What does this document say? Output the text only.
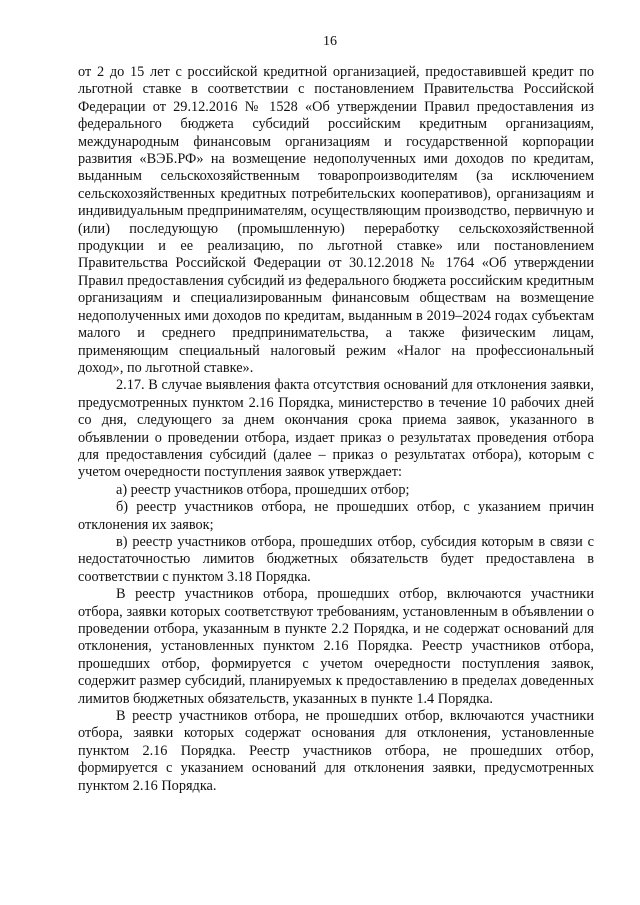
16

от 2 до 15 лет с российской кредитной организацией, предоставившей кредит по льготной ставке в соответствии с постановлением Правительства Российской Федерации от 29.12.2016 № 1528 «Об утверждении Правил предоставления из федерального бюджета субсидий российским кредитным организациям, международным финансовым организациям и государственной корпорации развития «ВЭБ.РФ» на возмещение недополученных ими доходов по кредитам, выданным сельскохозяйственным товаропроизводителям (за исключением сельскохозяйственных кредитных потребительских кооперативов), организациям и индивидуальным предпринимателям, осуществляющим производство, первичную и (или) последующую (промышленную) переработку сельскохозяйственной продукции и ее реализацию, по льготной ставке» или постановлением Правительства Российской Федерации от 30.12.2018 № 1764 «Об утверждении Правил предоставления субсидий из федерального бюджета российским кредитным организациям и специализированным финансовым обществам на возмещение недополученных ими доходов по кредитам, выданным в 2019–2024 годах субъектам малого и среднего предпринимательства, а также физическим лицам, применяющим специальный налоговый режим «Налог на профессиональный доход», по льготной ставке».

2.17. В случае выявления факта отсутствия оснований для отклонения заявки, предусмотренных пунктом 2.16 Порядка, министерство в течение 10 рабочих дней со дня, следующего за днем окончания срока приема заявок, указанного в объявлении о проведении отбора, издает приказ о результатах проведения отбора для предоставления субсидий (далее – приказ о результатах отбора), которым с учетом очередности поступления заявок утверждает:

а) реестр участников отбора, прошедших отбор;

б) реестр участников отбора, не прошедших отбор, с указанием причин отклонения их заявок;

в) реестр участников отбора, прошедших отбор, субсидия которым в связи с недостаточностью лимитов бюджетных обязательств будет предоставлена в соответствии с пунктом 3.18 Порядка.

В реестр участников отбора, прошедших отбор, включаются участники отбора, заявки которых соответствуют требованиям, установленным в объявлении о проведении отбора, указанным в пункте 2.2 Порядка, и не содержат оснований для отклонения, установленных пунктом 2.16 Порядка. Реестр участников отбора, прошедших отбор, формируется с учетом очередности поступления заявок, содержит размер субсидий, планируемых к предоставлению в пределах доведенных лимитов бюджетных обязательств, указанных в пункте 1.4 Порядка.

В реестр участников отбора, не прошедших отбор, включаются участники отбора, заявки которых содержат основания для отклонения, установленные пунктом 2.16 Порядка. Реестр участников отбора, не прошедших отбор, формируется с указанием оснований для отклонения заявки, предусмотренных пунктом 2.16 Порядка.
